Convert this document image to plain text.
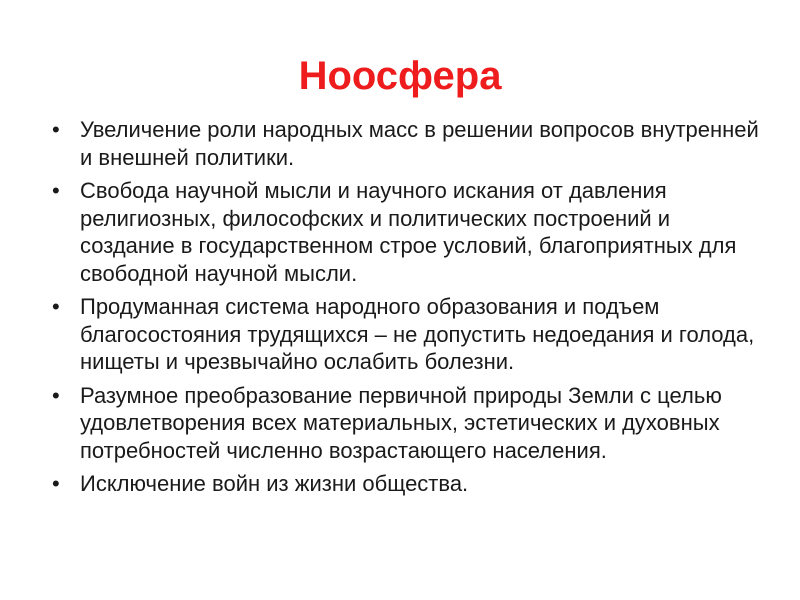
Ноосфера
• Увеличение роли народных масс в решении вопросов внутренней и внешней политики.
• Свобода научной мысли и научного искания от давления религиозных, философских и политических построений и создание в государственном строе условий, благоприятных для свободной научной мысли.
• Продуманная система народного образования и подъем благосостояния трудящихся – не допустить недоедания и голода, нищеты и чрезвычайно ослабить болезни.
• Разумное преобразование первичной природы Земли с целью удовлетворения всех материальных, эстетических и духовных потребностей численно возрастающего населения.
• Исключение войн из жизни общества.
